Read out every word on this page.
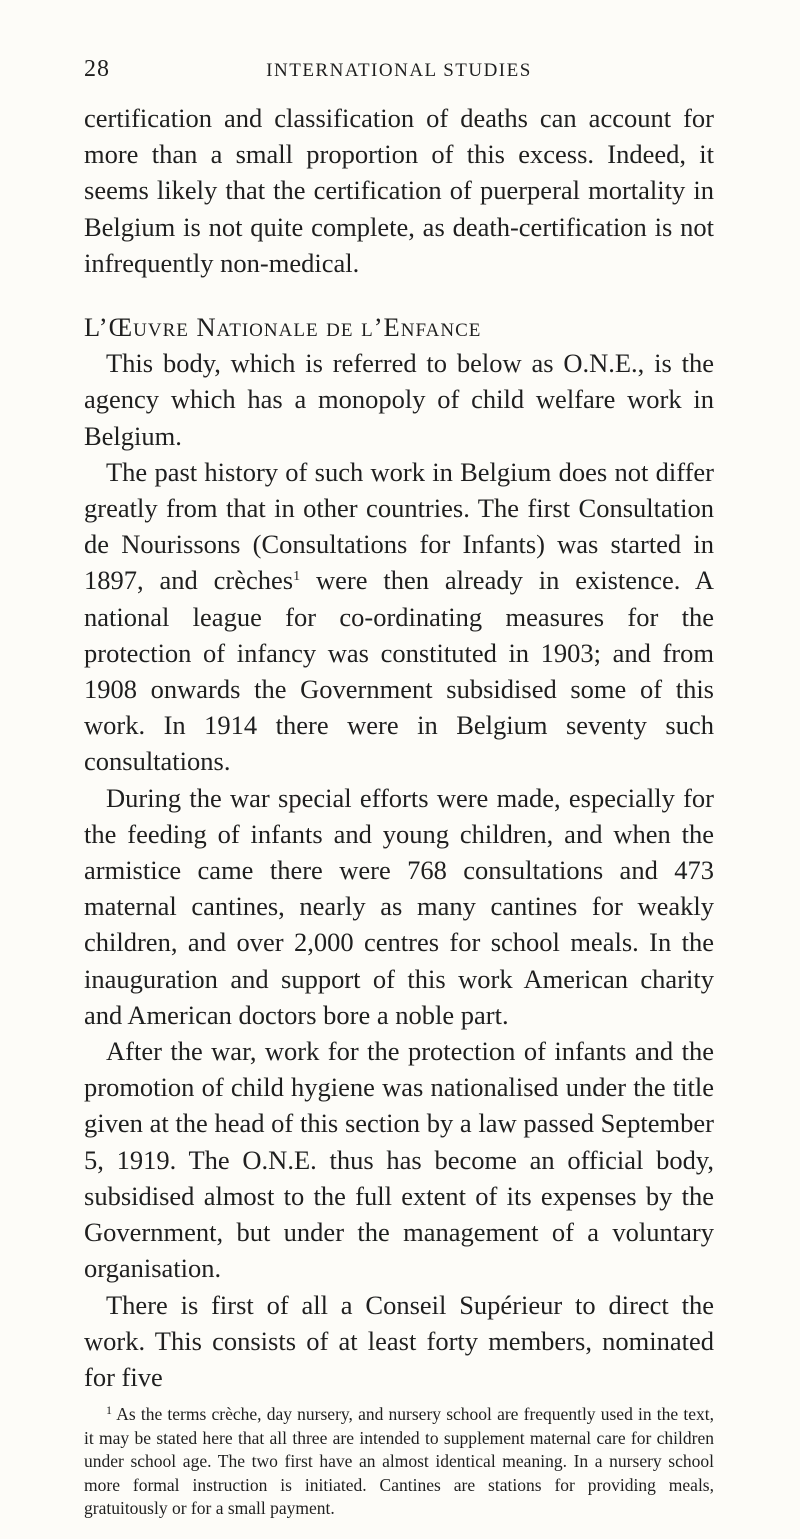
28	INTERNATIONAL STUDIES

certification and classification of deaths can account for more than a small proportion of this excess. Indeed, it seems likely that the certification of puerperal mortality in Belgium is not quite complete, as death-certification is not infrequently non-medical.

L’Œuvre Nationale de l’Enfance

This body, which is referred to below as O.N.E., is the agency which has a monopoly of child welfare work in Belgium.

The past history of such work in Belgium does not differ greatly from that in other countries. The first Consultation de Nourissons (Consultations for Infants) was started in 1897, and crèches$^1$ were then already in existence. A national league for co-ordinating measures for the protection of infancy was constituted in 1903; and from 1908 onwards the Government subsidised some of this work. In 1914 there were in Belgium seventy such consultations.

During the war special efforts were made, especially for the feeding of infants and young children, and when the armistice came there were 768 consultations and 473 maternal cantines, nearly as many cantines for weakly children, and over 2,000 centres for school meals. In the inauguration and support of this work American charity and American doctors bore a noble part.

After the war, work for the protection of infants and the promotion of child hygiene was nationalised under the title given at the head of this section by a law passed September 5, 1919. The O.N.E. thus has become an official body, subsidised almost to the full extent of its expenses by the Government, but under the management of a voluntary organisation.

There is first of all a Conseil Supérieur to direct the work. This consists of at least forty members, nominated for five

$^1$ As the terms crèche, day nursery, and nursery school are frequently used in the text, it may be stated here that all three are intended to supplement maternal care for children under school age. The two first have an almost identical meaning. In a nursery school more formal instruction is initiated. Cantines are stations for providing meals, gratuitously or for a small payment.
